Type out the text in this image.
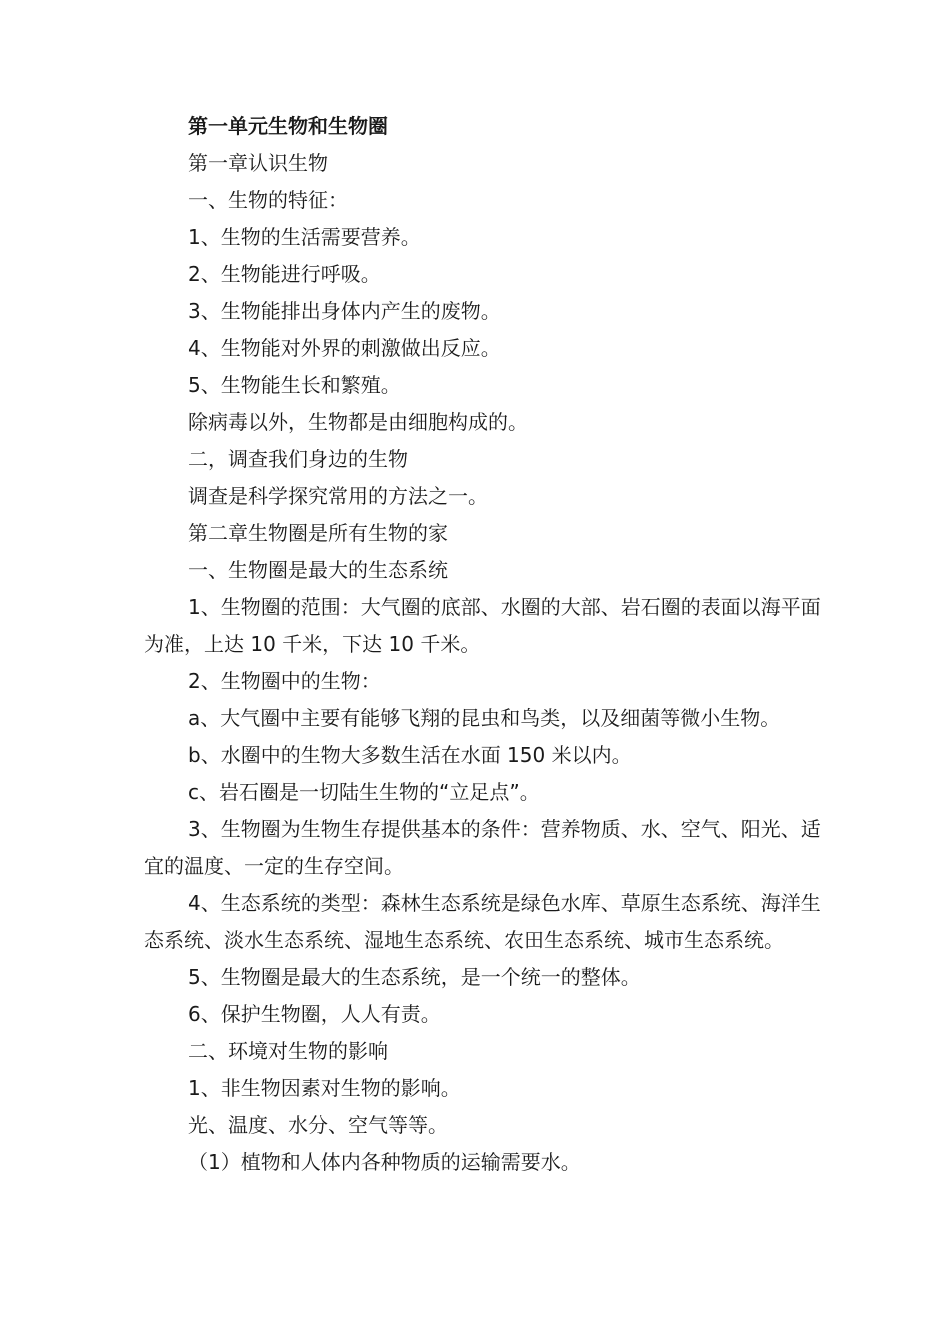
第一单元生物和生物圈

第一章认识生物

一、生物的特征：

1、生物的生活需要营养。

2、生物能进行呼吸。

3、生物能排出身体内产生的废物。

4、生物能对外界的刺激做出反应。

5、生物能生长和繁殖。

除病毒以外，生物都是由细胞构成的。

二，调查我们身边的生物

调查是科学探究常用的方法之一。

第二章生物圈是所有生物的家

一、生物圈是最大的生态系统

1、生物圈的范围：大气圈的底部、水圈的大部、岩石圈的表面以海平面为准，上达 10 千米，下达 10 千米。

2、生物圈中的生物：

a、大气圈中主要有能够飞翔的昆虫和鸟类，以及细菌等微小生物。

b、水圈中的生物大多数生活在水面 150 米以内。

c、岩石圈是一切陆生生物的“立足点”。

3、生物圈为生物生存提供基本的条件：营养物质、水、空气、阳光、适宜的温度、一定的生存空间。

4、生态系统的类型：森林生态系统是绿色水库、草原生态系统、海洋生态系统、淡水生态系统、湿地生态系统、农田生态系统、城市生态系统。

5、生物圈是最大的生态系统，是一个统一的整体。

6、保护生物圈，人人有责。

二、环境对生物的影响

1、非生物因素对生物的影响。

光、温度、水分、空气等等。

（1）植物和人体内各种物质的运输需要水。
